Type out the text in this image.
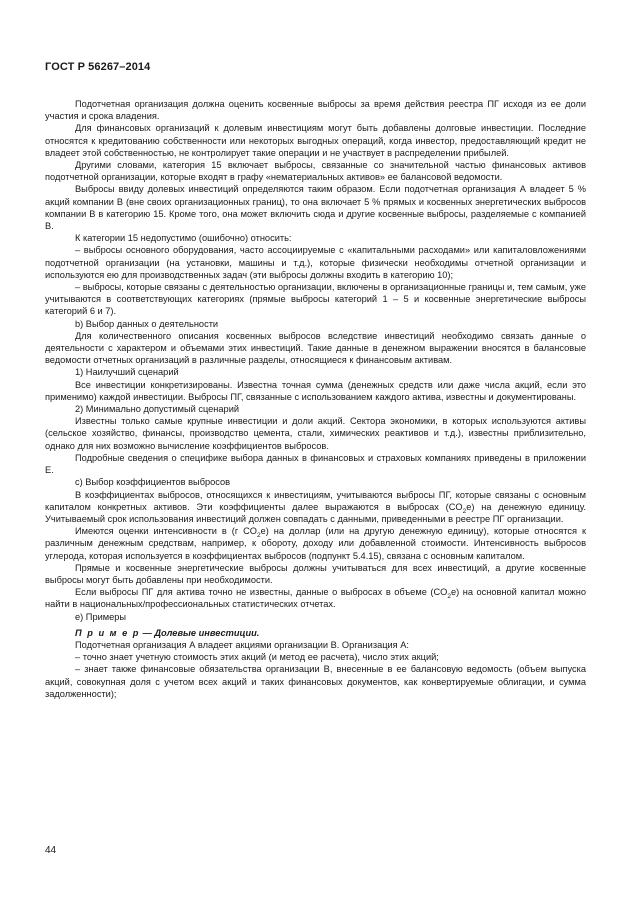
ГОСТ Р 56267–2014

Подотчетная организация должна оценить косвенные выбросы за время действия реестра ПГ исходя из ее доли участия и срока владения.

Для финансовых организаций к долевым инвестициям могут быть добавлены долговые инвестиции. Последние относятся к кредитованию собственности или некоторых выгодных операций, когда инвестор, предоставляющий кредит не владеет этой собственностью, не контролирует такие операции и не участвует в распределении прибылей.

Другими словами, категория 15 включает выбросы, связанные со значительной частью финансовых активов подотчетной организации, которые входят в графу «нематериальных активов» ее балансовой ведомости.

Выбросы ввиду долевых инвестиций определяются таким образом. Если подотчетная организация А владеет 5 % акций компании В (вне своих организационных границ), то она включает 5 % прямых и косвенных энергетических выбросов компании В в категорию 15. Кроме того, она может включить сюда и другие косвенные выбросы, разделяемые с компанией В.

К категории 15 недопустимо (ошибочно) относить:

– выбросы основного оборудования, часто ассоциируемые с «капитальными расходами» или капиталовложениями подотчетной организации (на установки, машины и т.д.), которые физически необходимы отчетной организации и используются ею для производственных задач (эти выбросы должны входить в категорию 10);

– выбросы, которые связаны с деятельностью организации, включены в организационные границы и, тем самым, уже учитываются в соответствующих категориях (прямые выбросы категорий 1 – 5 и косвенные энергетические выбросы категорий 6 и 7).

b) Выбор данных о деятельности

Для количественного описания косвенных выбросов вследствие инвестиций необходимо связать данные о деятельности с характером и объемами этих инвестиций. Такие данные в денежном выражении вносятся в балансовые ведомости отчетных организаций в различные разделы, относящиеся к финансовым активам.

1) Наилучший сценарий

Все инвестиции конкретизированы. Известна точная сумма (денежных средств или даже числа акций, если это применимо) каждой инвестиции. Выбросы ПГ, связанные с использованием каждого актива, известны и документированы.

2) Минимально допустимый сценарий

Известны только самые крупные инвестиции и доли акций. Сектора экономики, в которых используются активы (сельское хозяйство, финансы, производство цемента, стали, химических реактивов и т.д.), известны приблизительно, однако для них возможно вычисление коэффициентов выбросов.

Подробные сведения о специфике выбора данных в финансовых и страховых компаниях приведены в приложении Е.

c) Выбор коэффициентов выбросов

В коэффициентах выбросов, относящихся к инвестициям, учитываются выбросы ПГ, которые связаны с основным капиталом конкретных активов. Эти коэффициенты далее выражаются в выбросах $(CO_2e)$ на денежную единицу. Учитываемый срок использования инвестиций должен совпадать с данными, приведенными в реестре ПГ организации.

Имеются оценки интенсивности в (г $CO_2e$) на доллар (или на другую денежную единицу), которые относятся к различным денежным средствам, например, к обороту, доходу или добавленной стоимости. Интенсивность выбросов углерода, которая используется в коэффициентах выбросов (подпункт 5.4.15), связана с основным капиталом.

Прямые и косвенные энергетические выбросы должны учитываться для всех инвестиций, а другие косвенные выбросы могут быть добавлены при необходимости.

Если выбросы ПГ для актива точно не известны, данные о выбросах в объеме $(CO_2e)$ на основной капитал можно найти в национальных/профессиональных статистических отчетах.

е) Примеры

П р и м е р — Долевые инвестиции.

Подотчетная организация А владеет акциями организации В. Организация А:

– точно знает учетную стоимость этих акций (и метод ее расчета), число этих акций;

– знает также финансовые обязательства организации В, внесенные в ее балансовую ведомость (объем выпуска акций, совокупная доля с учетом всех акций и таких финансовых документов, как конвертируемые облигации, и сумма задолженности);

44
